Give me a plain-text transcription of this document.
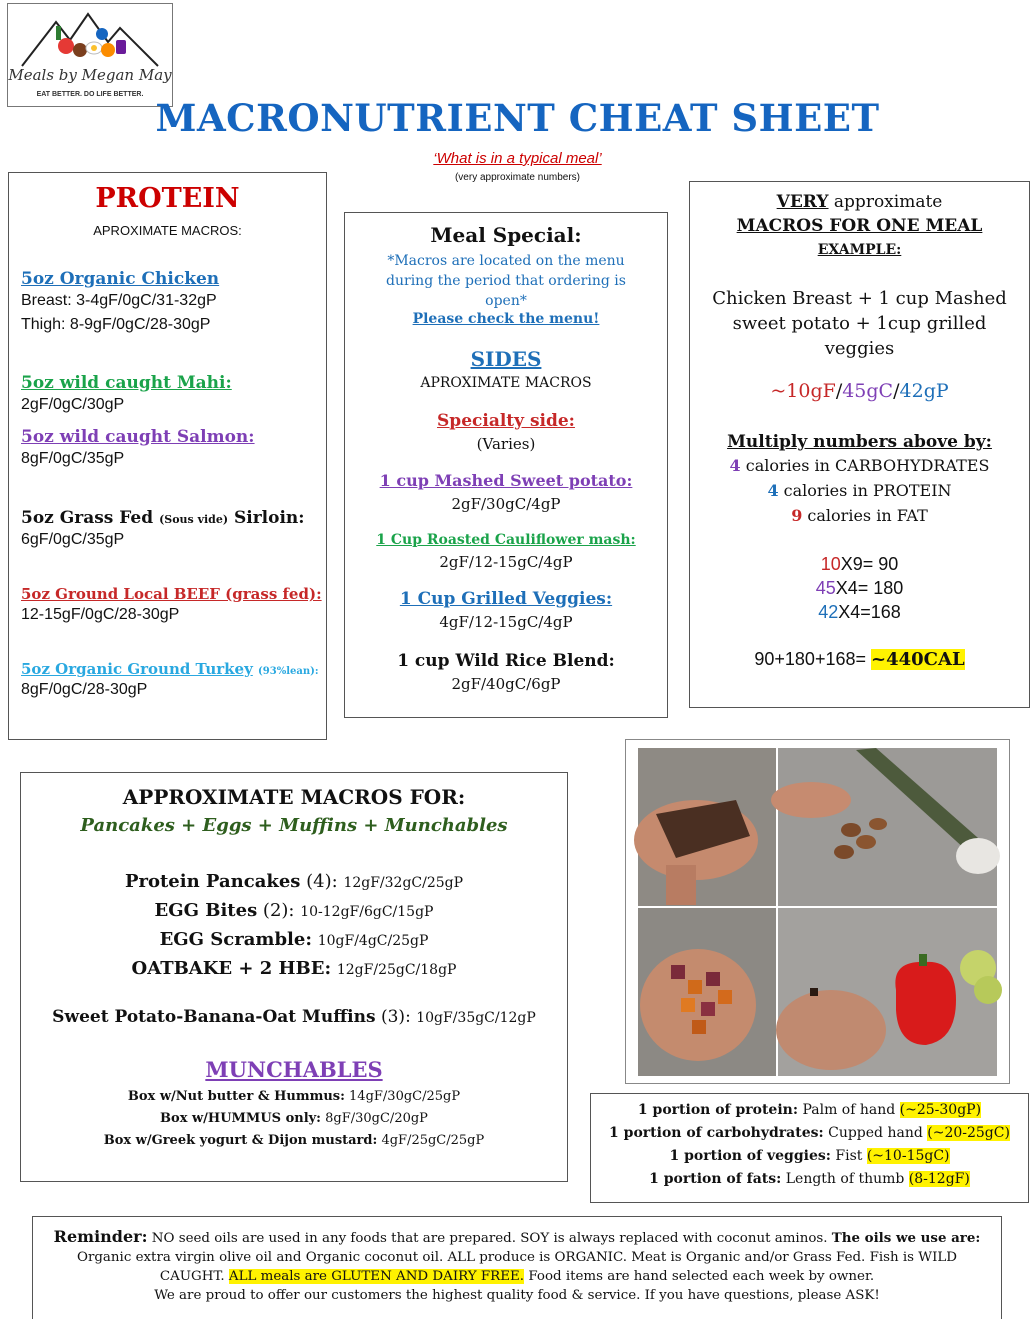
Meals by Megan May
EAT BETTER. DO LIFE BETTER.
MACRONUTRIENT CHEAT SHEET
‘What is in a typical meal’
(very approximate numbers)
PROTEIN
APROXIMATE MACROS:
5oz Organic Chicken
Breast: 3-4gF/0gC/31-32gP
Thigh: 8-9gF/0gC/28-30gP
5oz wild caught Mahi:
2gF/0gC/30gP
5oz wild caught Salmon:
8gF/0gC/35gP
5oz Grass Fed (Sous vide) Sirloin:
6gF/0gC/35gP
5oz Ground Local BEEF (grass fed):
12-15gF/0gC/28-30gP
5oz Organic Ground Turkey (93%lean):
8gF/0gC/28-30gP
Meal Special:
*Macros are located on the menu
during the period that ordering is
open*
Please check the menu!
SIDES
APROXIMATE MACROS
Specialty side:
(Varies)
1 cup Mashed Sweet potato:
2gF/30gC/4gP
1 Cup Roasted Cauliflower mash:
2gF/12-15gC/4gP
1 Cup Grilled Veggies:
4gF/12-15gC/4gP
1 cup Wild Rice Blend:
2gF/40gC/6gP
VERY approximate
MACROS FOR ONE MEAL
EXAMPLE:
Chicken Breast + 1 cup Mashed
sweet potato + 1cup grilled
veggies
~10gF/45gC/42gP
Multiply numbers above by:
4 calories in CARBOHYDRATES
4 calories in PROTEIN
9 calories in FAT
10X9= 90
45X4= 180
42X4=168
90+180+168= ~440CAL
APPROXIMATE MACROS FOR:
Pancakes + Eggs + Muffins + Munchables
Protein Pancakes (4): 12gF/32gC/25gP
EGG Bites (2): 10-12gF/6gC/15gP
EGG Scramble: 10gF/4gC/25gP
OATBAKE + 2 HBE: 12gF/25gC/18gP
Sweet Potato-Banana-Oat Muffins (3): 10gF/35gC/12gP
MUNCHABLES
Box w/Nut butter & Hummus: 14gF/30gC/25gP
Box w/HUMMUS only: 8gF/30gC/20gP
Box w/Greek yogurt & Dijon mustard: 4gF/25gC/25gP
1 portion of protein: Palm of hand (~25-30gP)
1 portion of carbohydrates: Cupped hand (~20-25gC)
1 portion of veggies: Fist (~10-15gC)
1 portion of fats: Length of thumb (8-12gF)
Reminder: NO seed oils are used in any foods that are prepared. SOY is always replaced with coconut aminos. The oils we use are: Organic extra virgin olive oil and Organic coconut oil. ALL produce is ORGANIC. Meat is Organic and/or Grass Fed. Fish is WILD CAUGHT. ALL meals are GLUTEN AND DAIRY FREE. Food items are hand selected each week by owner.
We are proud to offer our customers the highest quality food & service. If you have questions, please ASK!
